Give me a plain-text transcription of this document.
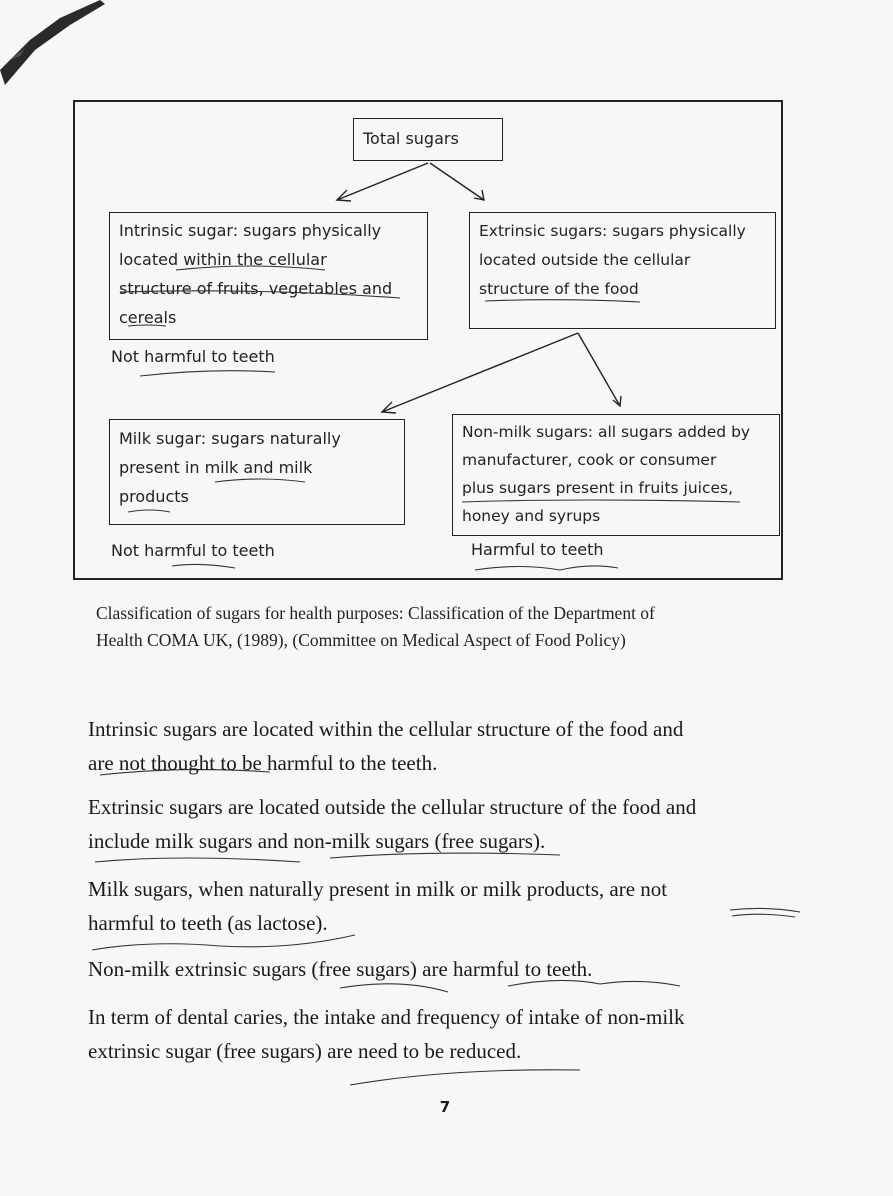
Total sugars
Intrinsic sugar: sugars physically
located within the cellular
structure of fruits, vegetables and
cereals
Not harmful to teeth
Extrinsic sugars: sugars physically
located outside the cellular
structure of the food
Milk sugar: sugars naturally
present in milk and milk
products
Not harmful to teeth
Non-milk sugars: all sugars added by
manufacturer, cook or consumer
plus sugars present in fruits juices,
honey and syrups
Harmful to teeth
Classification of sugars for health purposes: Classification of the Department of
Health COMA UK, (1989), (Committee on Medical Aspect of Food Policy)
Intrinsic sugars are located within the cellular structure of the food and
are not thought to be harmful to the teeth.
Extrinsic sugars are located outside the cellular structure of the food and
include milk sugars and non-milk sugars (free sugars).
Milk sugars, when naturally present in milk or milk products, are not
harmful to teeth (as lactose).
Non-milk extrinsic sugars (free sugars) are harmful to teeth.
In term of dental caries, the intake and frequency of intake of non-milk
extrinsic sugar (free sugars) are need to be reduced.
7
